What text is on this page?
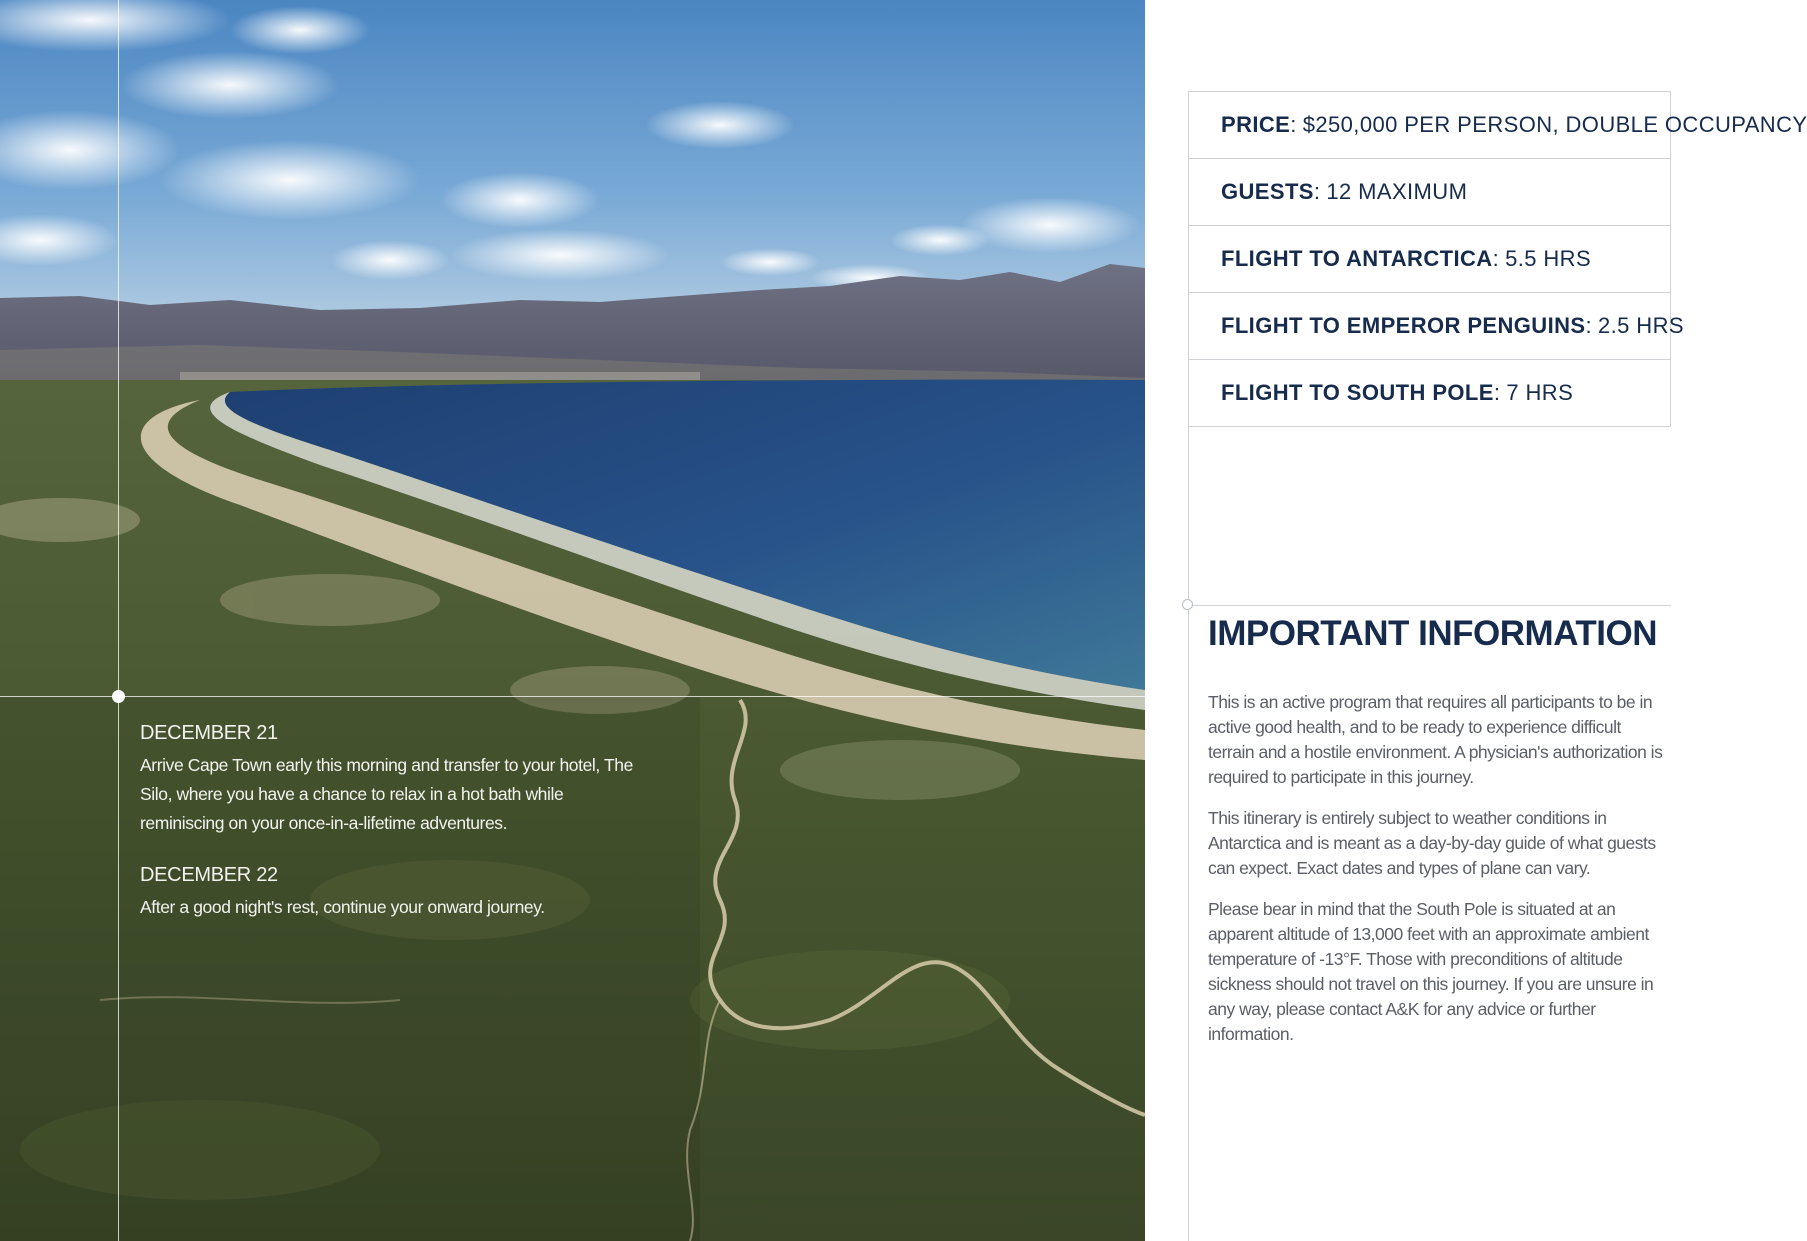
DECEMBER 21

Arrive Cape Town early this morning and transfer to your hotel, The Silo, where you have a chance to relax in a hot bath while reminiscing on your once-in-a-lifetime adventures.

DECEMBER 22

After a good night's rest, continue your onward journey.

PRICE : $250,000 PER PERSON, DOUBLE OCCUPANCY
GUESTS : 12 MAXIMUM
FLIGHT TO ANTARCTICA : 5.5 HRS
FLIGHT TO EMPEROR PENGUINS : 2.5 HRS
FLIGHT TO SOUTH POLE : 7 HRS
IMPORTANT INFORMATION

This is an active program that requires all participants to be in active good health, and to be ready to experience difficult terrain and a hostile environment. A physician's authorization is required to participate in this journey.

This itinerary is entirely subject to weather conditions in Antarctica and is meant as a day-by-day guide of what guests can expect. Exact dates and types of plane can vary.

Please bear in mind that the South Pole is situated at an apparent altitude of 13,000 feet with an approximate ambient temperature of -13°F. Those with preconditions of altitude sickness should not travel on this journey. If you are unsure in any way, please contact A&K for any advice or further information.
